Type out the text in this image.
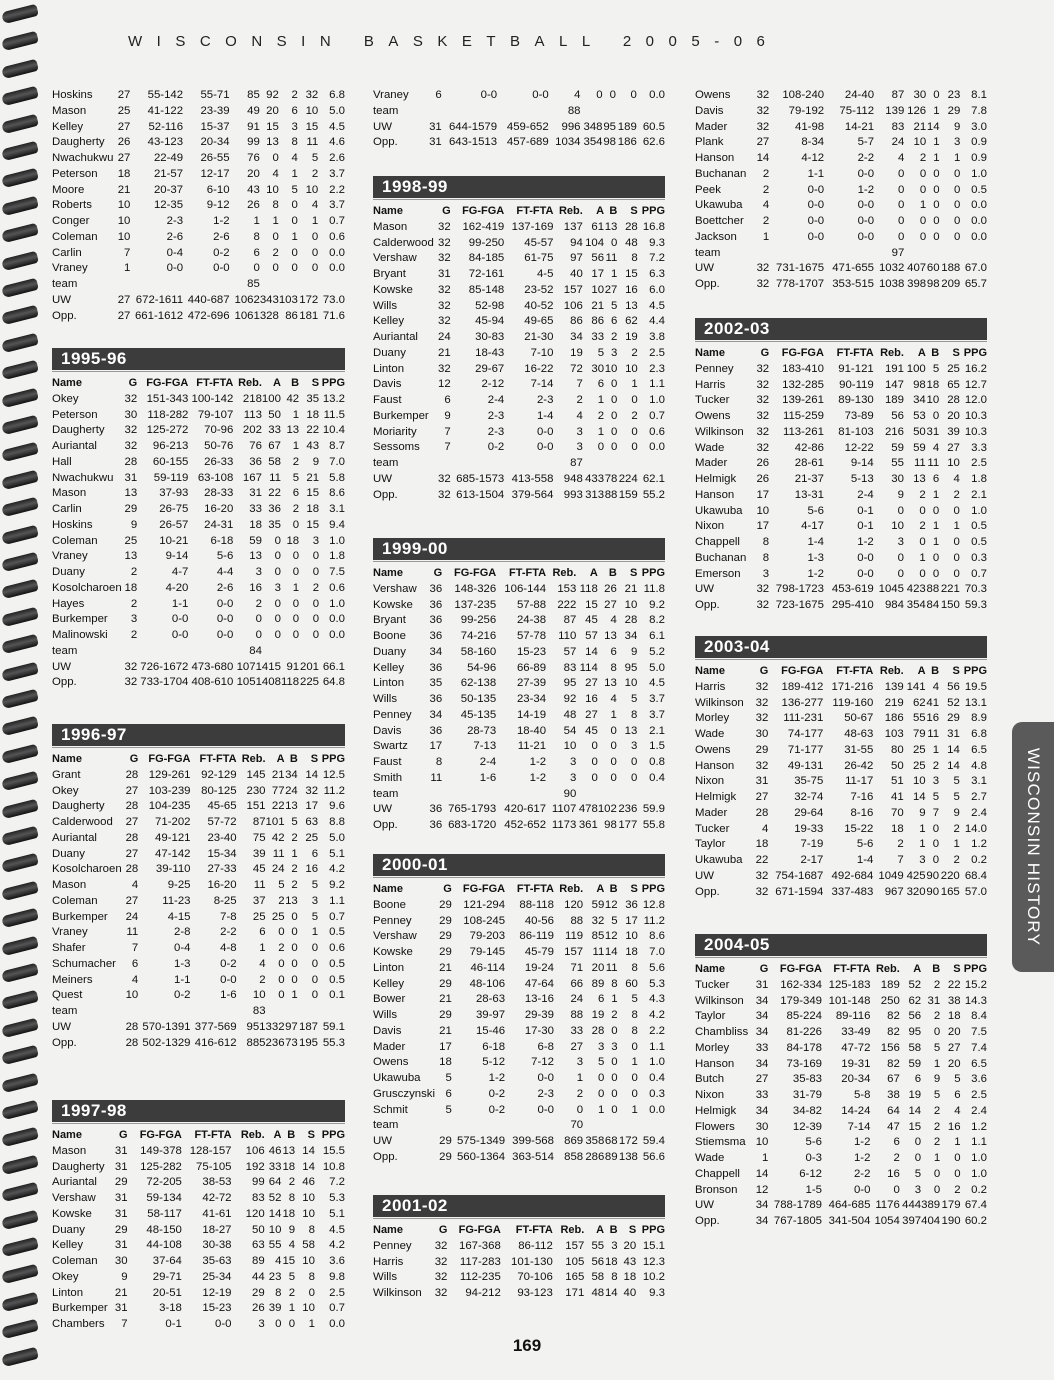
WISCONSIN BASKETBALL 2005-06
Hoskins	27	55-142	55-71	85	92	2	32	6.8
Mason	25	41-122	23-39	49	20	6	10	5.0
Kelley	27	52-116	15-37	91	15	3	15	4.5
Daugherty	26	43-123	20-34	99	13	8	11	4.6
Nwachukwu	27	22-49	26-55	76	0	4	5	2.6
Peterson	18	21-57	12-17	20	4	1	2	3.7
Moore	21	20-37	6-10	43	10	5	10	2.2
Roberts	10	12-35	9-12	26	8	0	4	3.7
Conger	10	2-3	1-2	1	1	0	1	0.7
Coleman	10	2-6	2-6	8	0	1	0	0.6
Carlin	7	0-4	0-2	6	2	0	0	0.0
Vraney	1	0-0	0-0	0	0	0	0	0.0
team				85				
UW	27	672-1611	440-687	1062	343	103	172	73.0
Opp.	27	661-1612	472-696	1061	328	86	181	71.6
1995-96
Name	G	FG-FGA	FT-FTA	Reb.	A	B	S	PPG
Okey	32	151-343	100-142	218	100	42	35	13.2
Peterson	30	118-282	79-107	113	50	1	18	11.5
Daugherty	32	125-272	70-96	202	33	13	22	10.4
Auriantal	32	96-213	50-76	76	67	1	43	8.7
Hall	28	60-155	26-33	36	58	2	9	7.0
Nwachukwu	31	59-119	63-108	167	11	5	21	5.8
Mason	13	37-93	28-33	31	22	6	15	8.6
Carlin	29	26-75	16-20	33	36	2	18	3.1
Hoskins	9	26-57	24-31	18	35	0	15	9.4
Coleman	25	10-21	6-18	59	0	18	3	1.0
Vraney	13	9-14	5-6	13	0	0	0	1.8
Duany	2	4-7	4-4	3	0	0	0	7.5
Kosolcharoen	18	4-20	2-6	16	3	1	2	0.6
Hayes	2	1-1	0-0	2	0	0	0	1.0
Burkemper	3	0-0	0-0	0	0	0	0	0.0
Malinowski	2	0-0	0-0	0	0	0	0	0.0
team				84				
UW	32	726-1672	473-680	1071	415	91	201	66.1
Opp.	32	733-1704	408-610	1051	408	118	225	64.8
1996-97
Name	G	FG-FGA	FT-FTA	Reb.	A	B	S	PPG
Grant	28	129-261	92-129	145	21	34	14	12.5
Okey	27	103-239	80-125	230	77	24	32	11.2
Daugherty	28	104-235	45-65	151	22	13	17	9.6
Calderwood	27	71-202	57-72	87	101	5	63	8.8
Auriantal	28	49-121	23-40	75	42	2	25	5.0
Duany	27	47-142	15-34	39	11	1	6	5.1
Kosolcharoen	28	39-110	27-33	45	24	2	16	4.2
Mason	4	9-25	16-20	11	5	2	5	9.2
Coleman	27	11-23	8-25	37	2	13	3	1.1
Burkemper	24	4-15	7-8	25	25	0	5	0.7
Vraney	11	2-8	2-2	6	0	0	1	0.5
Shafer	7	0-4	4-8	1	2	0	0	0.6
Schumacher	6	1-3	0-2	4	0	0	0	0.5
Meiners	4	1-1	0-0	2	0	0	0	0.5
Quest	10	0-2	1-6	10	0	1	0	0.1
team				83				
UW	28	570-1391	377-569	951	332	97	187	59.1
Opp.	28	502-1329	416-612	885	236	73	195	55.3
1997-98
Name	G	FG-FGA	FT-FTA	Reb.	A	B	S	PPG
Mason	31	149-378	128-157	106	46	13	14	15.5
Daugherty	31	125-282	75-105	192	33	18	14	10.8
Auriantal	29	72-205	38-53	99	64	2	46	7.2
Vershaw	31	59-134	42-72	83	52	8	10	5.3
Kowske	31	58-117	41-61	120	14	18	10	5.1
Duany	29	48-150	18-27	50	10	9	8	4.5
Kelley	31	44-108	30-38	63	55	4	58	4.2
Coleman	30	37-64	35-63	89	4	15	10	3.6
Okey	9	29-71	25-34	44	23	5	8	9.8
Linton	21	20-51	12-19	29	8	2	0	2.5
Burkemper	31	3-18	15-23	26	39	1	10	0.7
Chambers	7	0-1	0-0	3	0	0	1	0.0
Vraney	6	0-0	0-0	4	0	0	0	0.0
team				88				
UW	31	644-1579	459-652	996	348	95	189	60.5
Opp.	31	643-1513	457-689	1034	354	98	186	62.6
1998-99
Name	G	FG-FGA	FT-FTA	Reb.	A	B	S	PPG
Mason	32	162-419	137-169	137	61	13	28	16.8
Calderwood	32	99-250	45-57	94	104	0	48	9.3
Vershaw	32	84-185	61-75	97	56	11	8	7.2
Bryant	31	72-161	4-5	40	17	1	15	6.3
Kowske	32	85-148	23-52	157	10	27	16	6.0
Wills	32	52-98	40-52	106	21	5	13	4.5
Kelley	32	45-94	49-65	86	86	6	62	4.4
Auriantal	24	30-83	21-30	34	33	2	19	3.8
Duany	21	18-43	7-10	19	5	3	2	2.5
Linton	32	29-67	16-22	72	30	10	10	2.3
Davis	12	2-12	7-14	7	6	0	1	1.1
Faust	6	2-4	2-3	2	1	0	0	1.0
Burkemper	9	2-3	1-4	4	2	0	2	0.7
Moriarity	7	2-3	0-0	3	1	0	0	0.6
Sessoms	7	0-2	0-0	3	0	0	0	0.0
team				87				
UW	32	685-1573	413-558	948	433	78	224	62.1
Opp.	32	613-1504	379-564	993	313	88	159	55.2
1999-00
Name	G	FG-FGA	FT-FTA	Reb.	A	B	S	PPG
Vershaw	36	148-326	106-144	153	118	26	21	11.8
Kowske	36	137-235	57-88	222	15	27	10	9.2
Bryant	36	99-256	24-38	87	45	4	28	8.2
Boone	36	74-216	57-78	110	57	13	34	6.1
Duany	34	58-160	15-23	57	14	6	9	5.2
Kelley	36	54-96	66-89	83	114	8	95	5.0
Linton	35	62-138	27-39	95	27	13	10	4.5
Wills	36	50-135	23-34	92	16	4	5	3.7
Penney	34	45-135	14-19	48	27	1	8	3.7
Davis	36	28-73	18-40	54	45	0	13	2.1
Swartz	17	7-13	11-21	10	0	0	3	1.5
Faust	8	2-4	1-2	3	0	0	0	0.8
Smith	11	1-6	1-2	3	0	0	0	0.4
team				90				
UW	36	765-1793	420-617	1107	478	102	236	59.9
Opp.	36	683-1720	452-652	1173	361	98	177	55.8
2000-01
Name	G	FG-FGA	FT-FTA	Reb.	A	B	S	PPG
Boone	29	121-294	88-118	120	59	12	36	12.8
Penney	29	108-245	40-56	88	32	5	17	11.2
Vershaw	29	79-203	86-119	119	85	12	10	8.6
Kowske	29	79-145	45-79	157	11	14	18	7.0
Linton	21	46-114	19-24	71	20	11	8	5.6
Kelley	29	48-106	47-64	66	89	8	60	5.3
Bower	21	28-63	13-16	24	6	1	5	4.3
Wills	29	39-97	29-39	88	19	2	8	4.2
Davis	21	15-46	17-30	33	28	0	8	2.2
Mader	17	6-18	6-8	27	3	3	0	1.1
Owens	18	5-12	7-12	3	5	0	1	1.0
Ukawuba	5	1-2	0-0	1	0	0	0	0.4
Grusczynski	6	0-2	2-3	2	0	0	0	0.3
Schmit	5	0-2	0-0	0	1	0	1	0.0
team				70				
UW	29	575-1349	399-568	869	358	68	172	59.4
Opp.	29	560-1364	363-514	858	286	89	138	56.6
2001-02
Name	G	FG-FGA	FT-FTA	Reb.	A	B	S	PPG
Penney	32	167-368	86-112	157	55	3	20	15.1
Harris	32	117-283	101-130	105	56	18	43	12.3
Wills	32	112-235	70-106	165	58	8	18	10.2
Wilkinson	32	94-212	93-123	171	48	14	40	9.3
Owens	32	108-240	24-40	87	30	0	23	8.1
Davis	32	79-192	75-112	139	126	1	29	7.8
Mader	32	41-98	14-21	83	21	14	9	3.0
Plank	27	8-34	5-7	24	10	1	3	0.9
Hanson	14	4-12	2-2	4	2	1	1	0.9
Buchanan	2	1-1	0-0	0	0	0	0	1.0
Peek	2	0-0	1-2	0	0	0	0	0.5
Ukawuba	4	0-0	0-0	0	1	0	0	0.0
Boettcher	2	0-0	0-0	0	0	0	0	0.0
Jackson	1	0-0	0-0	0	0	0	0	0.0
team				97				
UW	32	731-1675	471-655	1032	407	60	188	67.0
Opp.	32	778-1707	353-515	1038	398	98	209	65.7
2002-03
Name	G	FG-FGA	FT-FTA	Reb.	A	B	S	PPG
Penney	32	183-410	91-121	191	100	5	25	16.2
Harris	32	132-285	90-119	147	98	18	65	12.7
Tucker	32	139-261	89-130	189	34	10	28	12.0
Owens	32	115-259	73-89	56	53	0	20	10.3
Wilkinson	32	113-261	81-103	216	50	31	39	10.3
Wade	32	42-86	12-22	59	59	4	27	3.3
Mader	26	28-61	9-14	55	11	11	10	2.5
Helmigk	26	21-37	5-13	30	13	6	4	1.8
Hanson	17	13-31	2-4	9	2	1	2	2.1
Ukawuba	10	5-6	0-1	0	0	0	0	1.0
Nixon	17	4-17	0-1	10	2	1	1	0.5
Chappell	8	1-4	1-2	3	0	1	0	0.5
Buchanan	8	1-3	0-0	0	1	0	0	0.3
Emerson	3	1-2	0-0	0	0	0	0	0.7
UW	32	798-1723	453-619	1045	423	88	221	70.3
Opp.	32	723-1675	295-410	984	354	84	150	59.3
2003-04
Name	G	FG-FGA	FT-FTA	Reb.	A	B	S	PPG
Harris	32	189-412	171-216	139	141	4	56	19.5
Wilkinson	32	136-277	119-160	219	62	41	52	13.1
Morley	32	111-231	50-67	186	55	16	29	8.9
Wade	30	74-177	48-63	103	79	11	31	6.8
Owens	29	71-177	31-55	80	25	1	14	6.5
Hanson	32	49-131	26-42	50	25	2	14	4.8
Nixon	31	35-75	11-17	51	10	3	5	3.1
Helmigk	27	32-74	7-16	41	14	5	5	2.7
Mader	28	29-64	8-16	70	9	7	9	2.4
Tucker	4	19-33	15-22	18	1	0	2	14.0
Taylor	18	7-19	5-6	2	1	0	1	1.2
Ukawuba	22	2-17	1-4	7	3	0	2	0.2
UW	32	754-1687	492-684	1049	425	90	220	68.4
Opp.	32	671-1594	337-483	967	320	90	165	57.0
2004-05
Name	G	FG-FGA	FT-FTA	Reb.	A	B	S	PPG
Tucker	31	162-334	125-183	189	52	2	22	15.2
Wilkinson	34	179-349	101-148	250	62	31	38	14.3
Taylor	34	85-224	89-116	82	56	2	18	8.4
Chambliss	34	81-226	33-49	82	95	0	20	7.5
Morley	33	84-178	47-72	156	58	5	27	7.4
Hanson	34	73-169	19-31	82	59	1	20	6.5
Butch	27	35-83	20-34	67	6	9	5	3.6
Nixon	33	31-79	5-8	38	19	5	6	2.5
Helmigk	34	34-82	14-24	64	14	2	4	2.4
Flowers	30	12-39	7-14	47	15	2	16	1.2
Stiemsma	10	5-6	1-2	6	0	2	1	1.1
Wade	1	0-3	1-2	2	0	1	0	1.0
Chappell	14	6-12	2-2	16	5	0	0	1.0
Bronson	12	1-5	0-0	0	3	0	2	0.2
UW	34	788-1789	464-685	1176	444	389	179	67.4
Opp.	34	767-1805	341-504	1054	397	404	190	60.2
WISCONSIN HISTORY
169
